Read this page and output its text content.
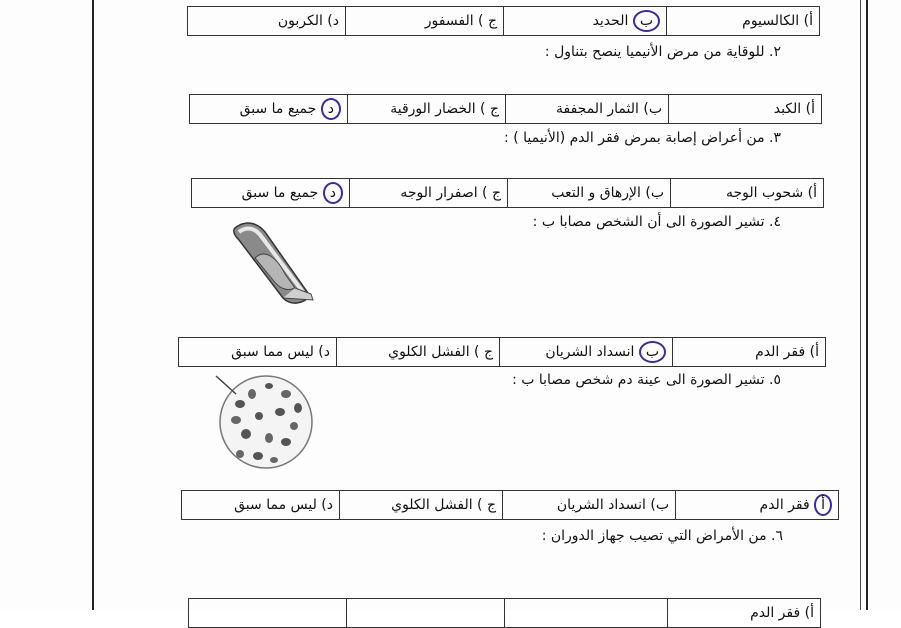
أ) الكالسيوم	ب الحديد	ج ) الفسفور	د) الكربون
٢. للوقاية من مرض الأنيميا ينصح بتناول :
أ) الكبد	ب) الثمار المجففة	ج ) الخضار الورقية	د جميع ما سبق
٣. من أعراض إصابة بمرض فقر الدم (الأنيميا ) :
أ) شحوب الوجه	ب) الإرهاق و التعب	ج ) اصفرار الوجه	د جميع ما سبق
٤. تشير الصورة الى أن الشخص مصابا ب :
أ) فقر الدم	ب انسداد الشريان	ج ) الفشل الكلوي	د) ليس مما سبق
٥. تشير الصورة الى عينة دم شخص مصابا ب :
أ فقر الدم	ب) انسداد الشريان	ج ) الفشل الكلوي	د) ليس مما سبق
٦. من الأمراض التي تصيب جهاز الدوران :
أ) فقر الدم			
